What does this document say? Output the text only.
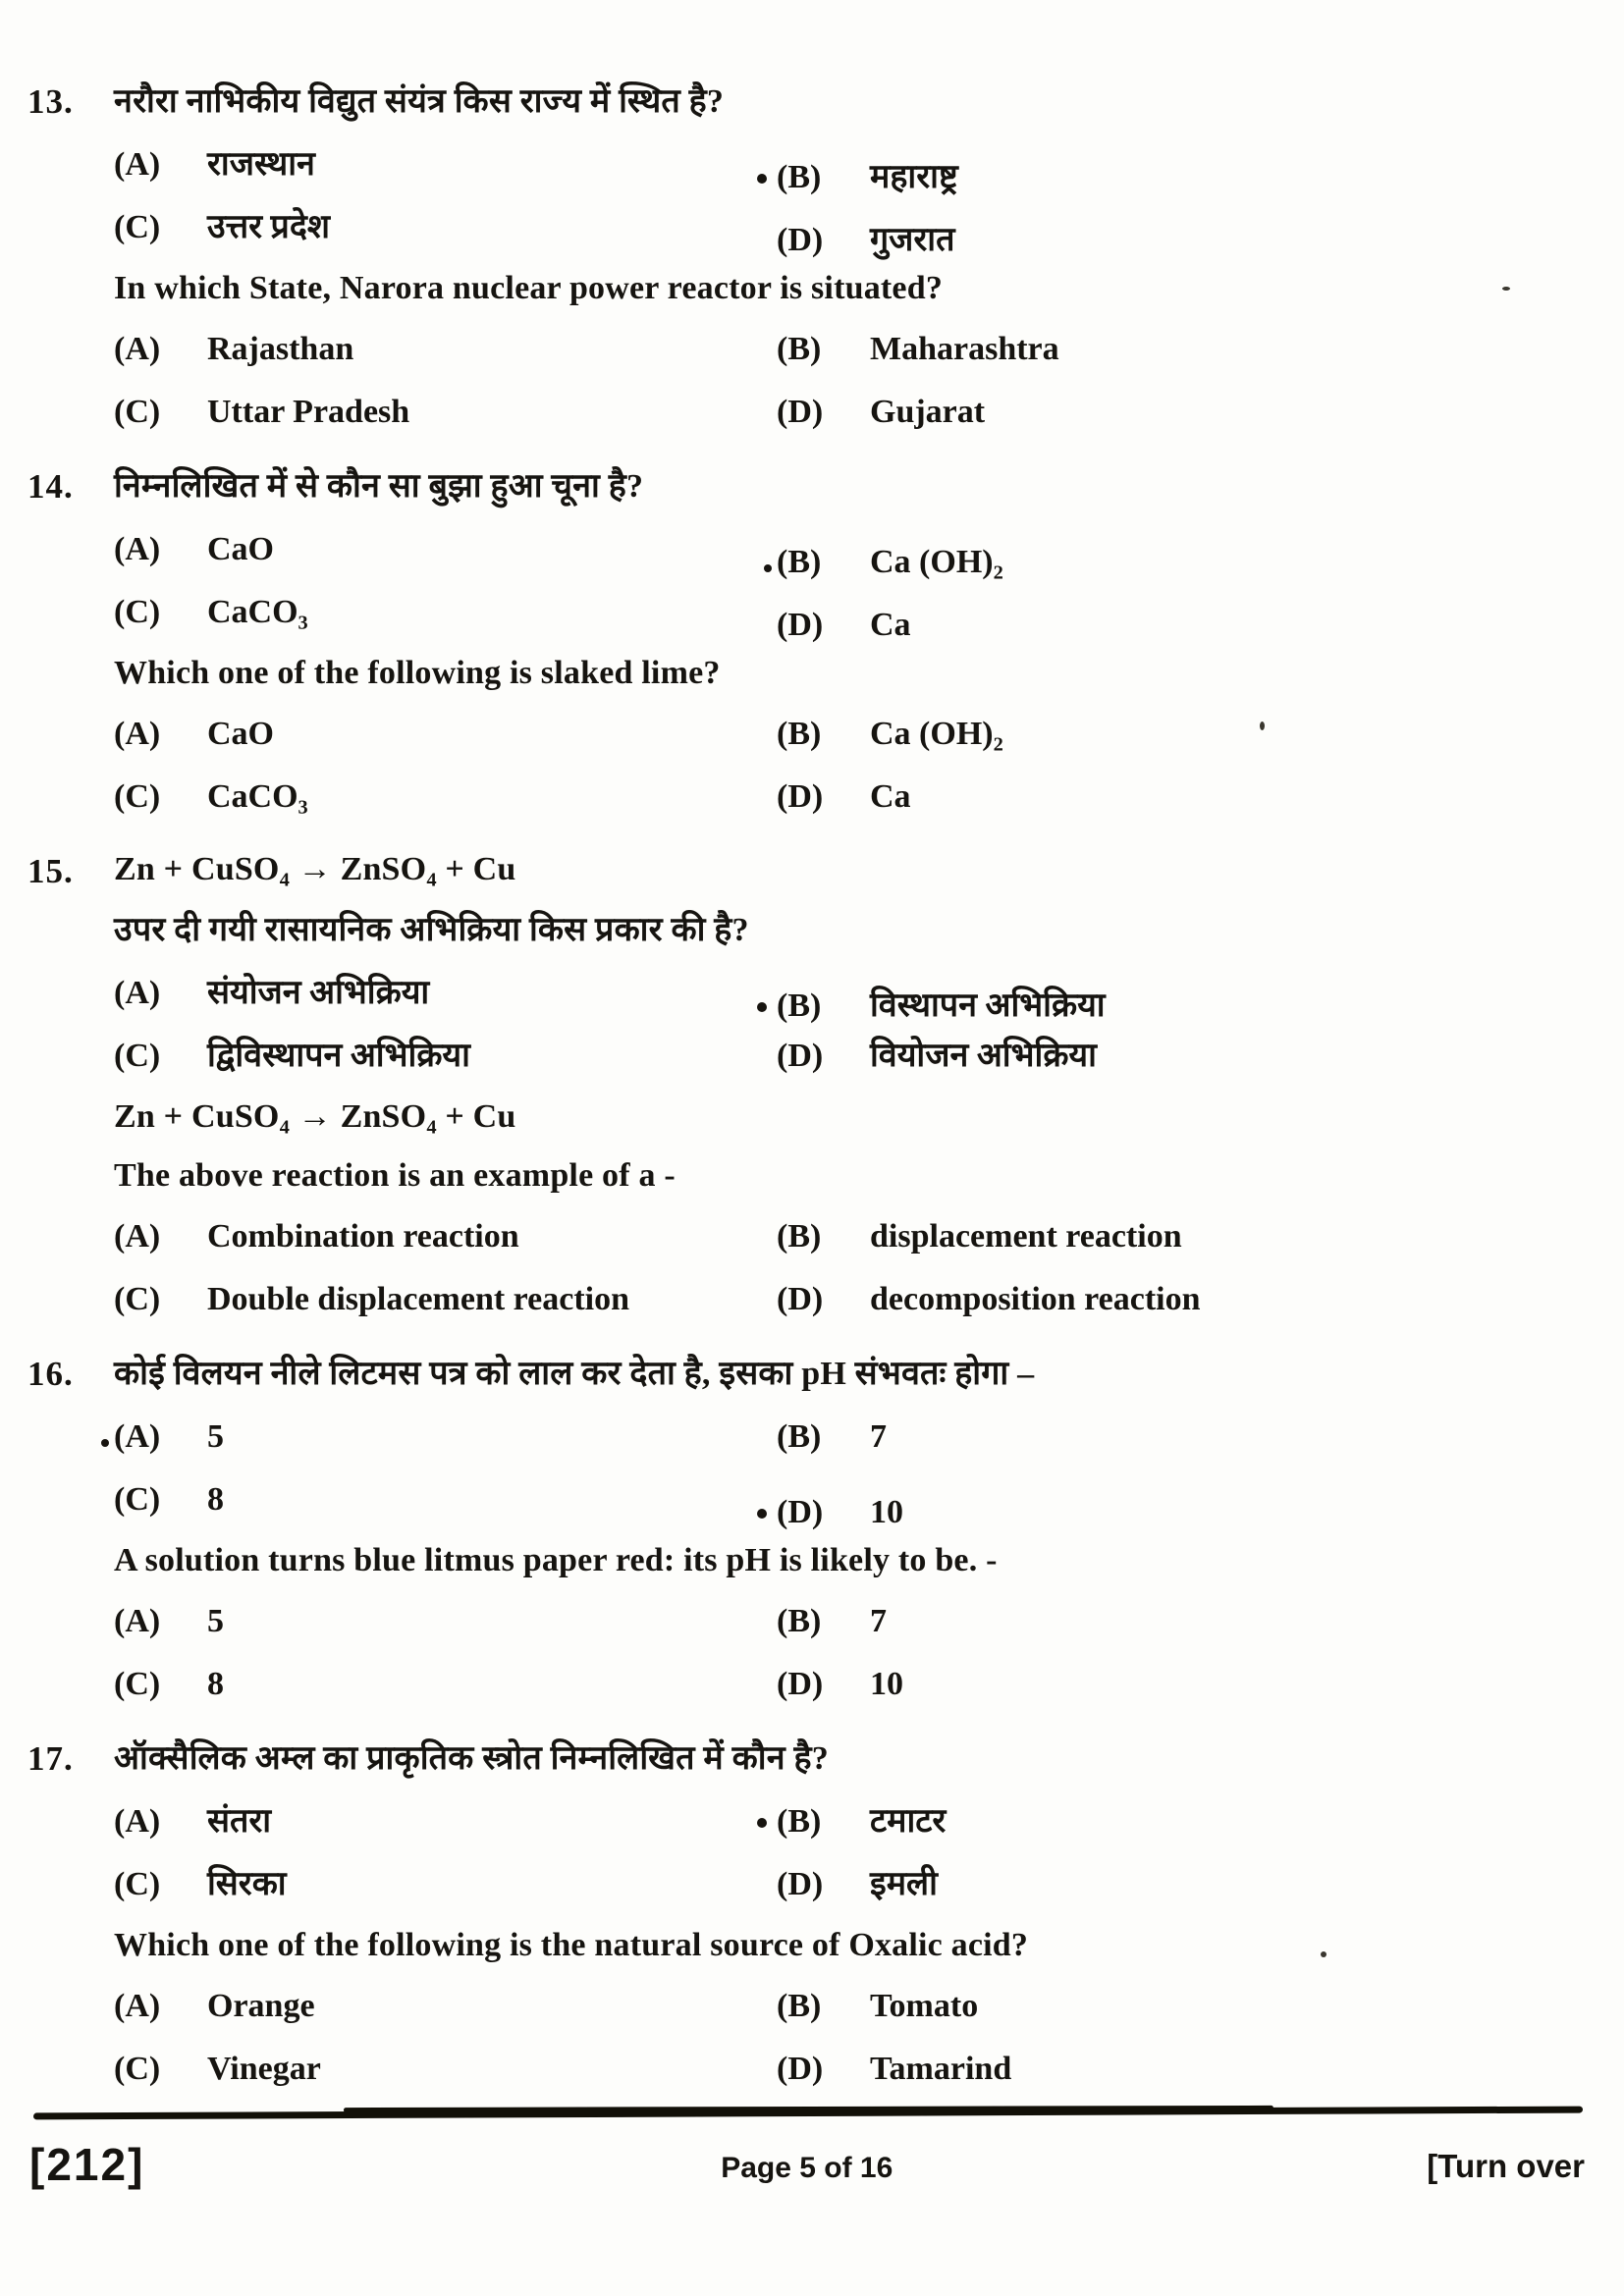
13.	नरौरा नाभिकीय विद्युत संयंत्र किस राज्य में स्थित है?
(A)	राजस्थान	(B)	महाराष्ट्र
(C)	उत्तर प्रदेश	(D)	गुजरात
In which State, Narora nuclear power reactor is situated?
(A)	Rajasthan	(B)	Maharashtra
(C)	Uttar Pradesh	(D)	Gujarat
14.	निम्नलिखित में से कौन सा बुझा हुआ चूना है?
(A)	CaO	(B)	Ca (OH)₂
(C)	CaCO₃	(D)	Ca
Which one of the following is slaked lime?
(A)	CaO	(B)	Ca (OH)₂
(C)	CaCO₃	(D)	Ca
15.	Zn + CuSO₄ → ZnSO₄ + Cu
उपर दी गयी रासायनिक अभिक्रिया किस प्रकार की है?
(A)	संयोजन अभिक्रिया	(B)	विस्थापन अभिक्रिया
(C)	द्विविस्थापन अभिक्रिया	(D)	वियोजन अभिक्रिया
Zn + CuSO₄ → ZnSO₄ + Cu
The above reaction is an example of a -
(A)	Combination reaction	(B)	displacement reaction
(C)	Double displacement reaction	(D)	decomposition reaction
16.	कोई विलयन नीले लिटमस पत्र को लाल कर देता है, इसका pH संभवतः होगा –
(A)	5	(B)	7
(C)	8	(D)	10
A solution turns blue litmus paper red: its pH is likely to be. -
(A)	5	(B)	7
(C)	8	(D)	10
17.	ऑक्सैलिक अम्ल का प्राकृतिक स्त्रोत निम्नलिखित में कौन है?
(A)	संतरा	(B)	टमाटर
(C)	सिरका	(D)	इमली
Which one of the following is the natural source of Oxalic acid?
(A)	Orange	(B)	Tomato
(C)	Vinegar	(D)	Tamarind
[212]	Page 5 of 16	[Turn over
